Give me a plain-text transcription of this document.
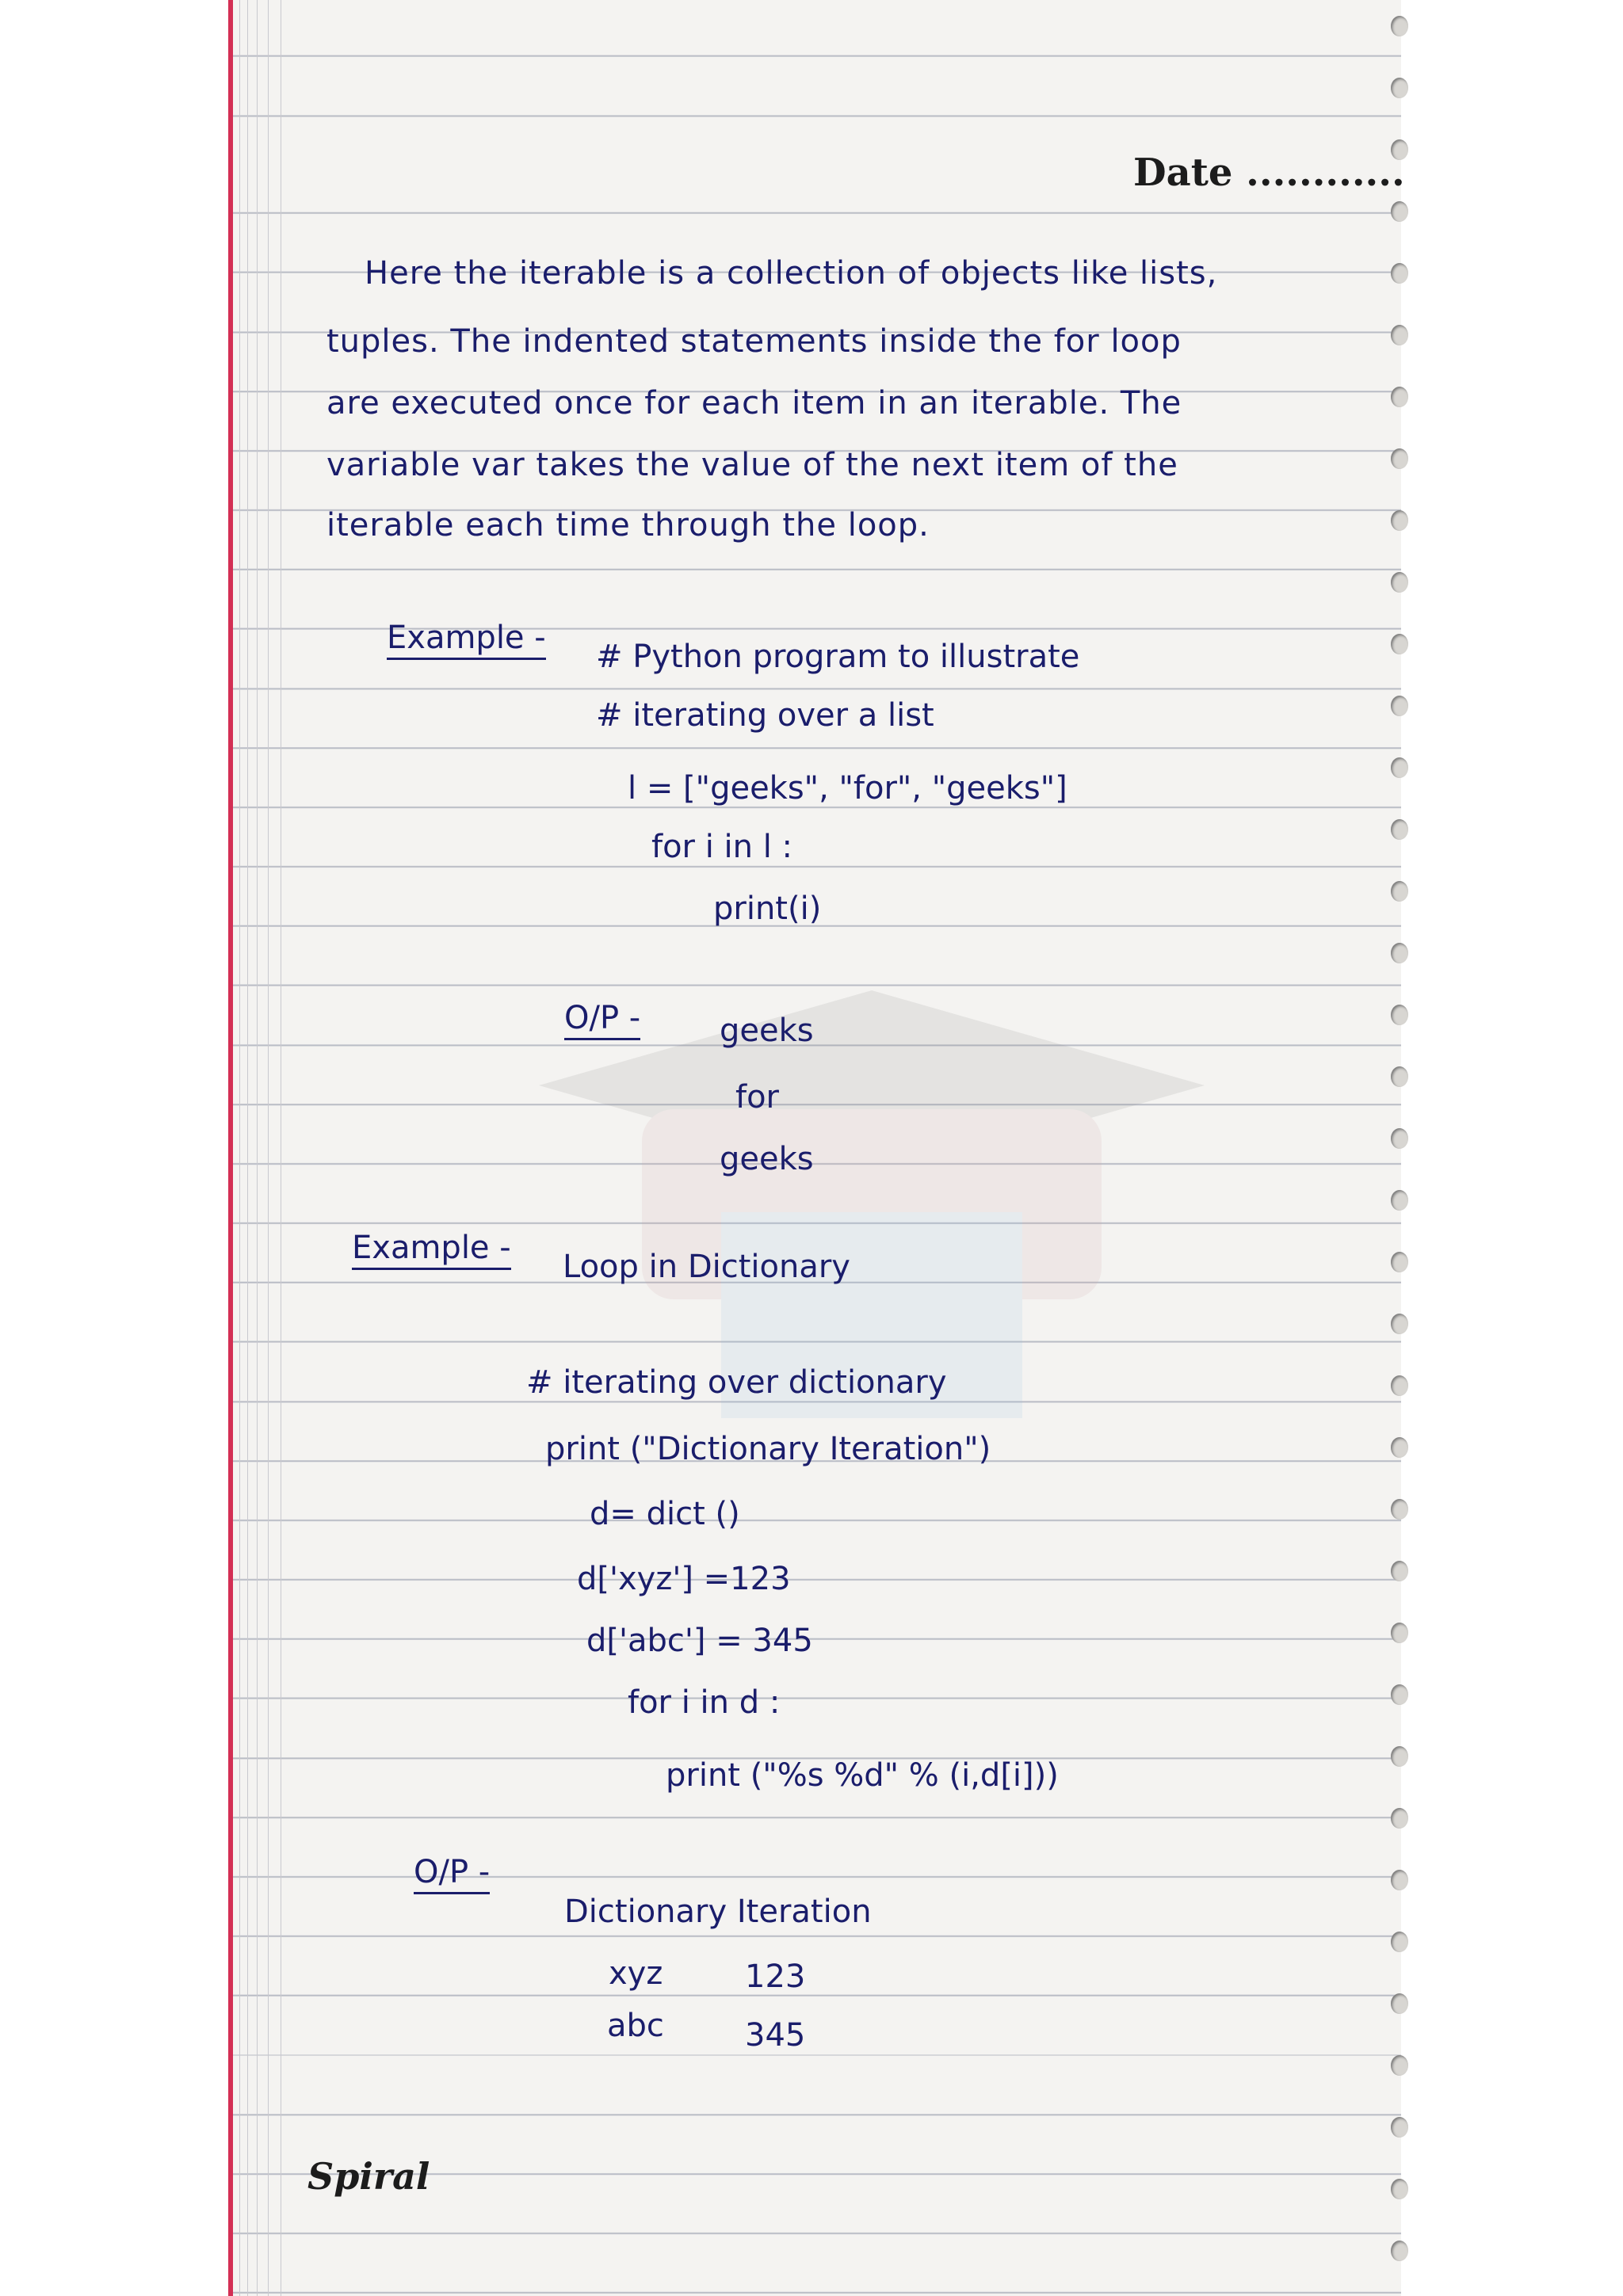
Date ............
Here the iterable is a collection of objects like lists,
tuples. The indented statements inside the for loop
are executed once for each item in an iterable. The
variable var takes the value of the next item of the
iterable each time through the loop.
Example -
# Python program to illustrate
# iterating over a list
l = ["geeks", "for", "geeks"]
for i in l :
print(i)
O/P - geeks
for
geeks
Example -
Loop in Dictionary
# iterating over dictionary
print ("Dictionary Iteration")
d= dict ()
d['xyz'] =123
d['abc'] = 345
for i in d :
print ("%s %d" % (i,d[i]))
O/P -
Dictionary Iteration
xyz	123
abc	345
Spiral
